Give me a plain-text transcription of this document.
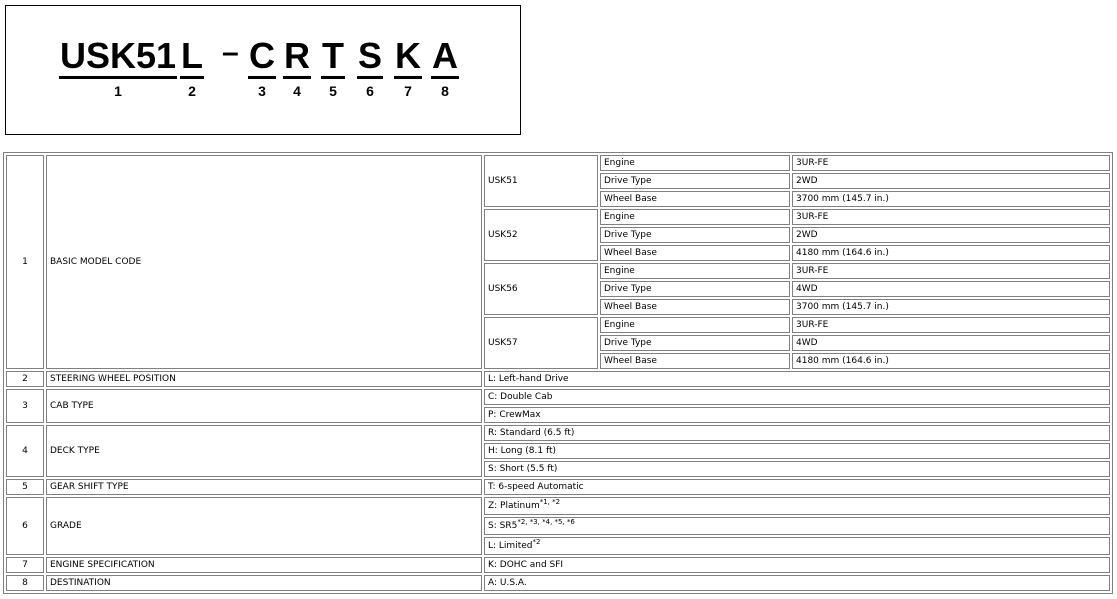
USK51
1
L
2
– C
3
R
4
T
5
S
6
K
7
A
8
1	BASIC MODEL CODE	USK51	Engine	3UR-FE
			Drive Type	2WD
			Wheel Base	3700 mm (145.7 in.)
		USK52	Engine	3UR-FE
			Drive Type	2WD
			Wheel Base	4180 mm (164.6 in.)
		USK56	Engine	3UR-FE
			Drive Type	4WD
			Wheel Base	3700 mm (145.7 in.)
		USK57	Engine	3UR-FE
			Drive Type	4WD
			Wheel Base	4180 mm (164.6 in.)
2	STEERING WHEEL POSITION	L: Left-hand Drive		
3	CAB TYPE	C: Double Cab		
		P: CrewMax		
4	DECK TYPE	R: Standard (6.5 ft)		
		H: Long (8.1 ft)		
		S: Short (5.5 ft)		
5	GEAR SHIFT TYPE	T: 6-speed Automatic		
6	GRADE	Z: Platinum$^{*1, *2}$
		S: $SR5^{*2, *3, *4, *5, *6}$
		L: Limited$^{*2}$
7	ENGINE SPECIFICATION	K: DOHC and SFI		
8	DESTINATION	A: U.S.A.		
